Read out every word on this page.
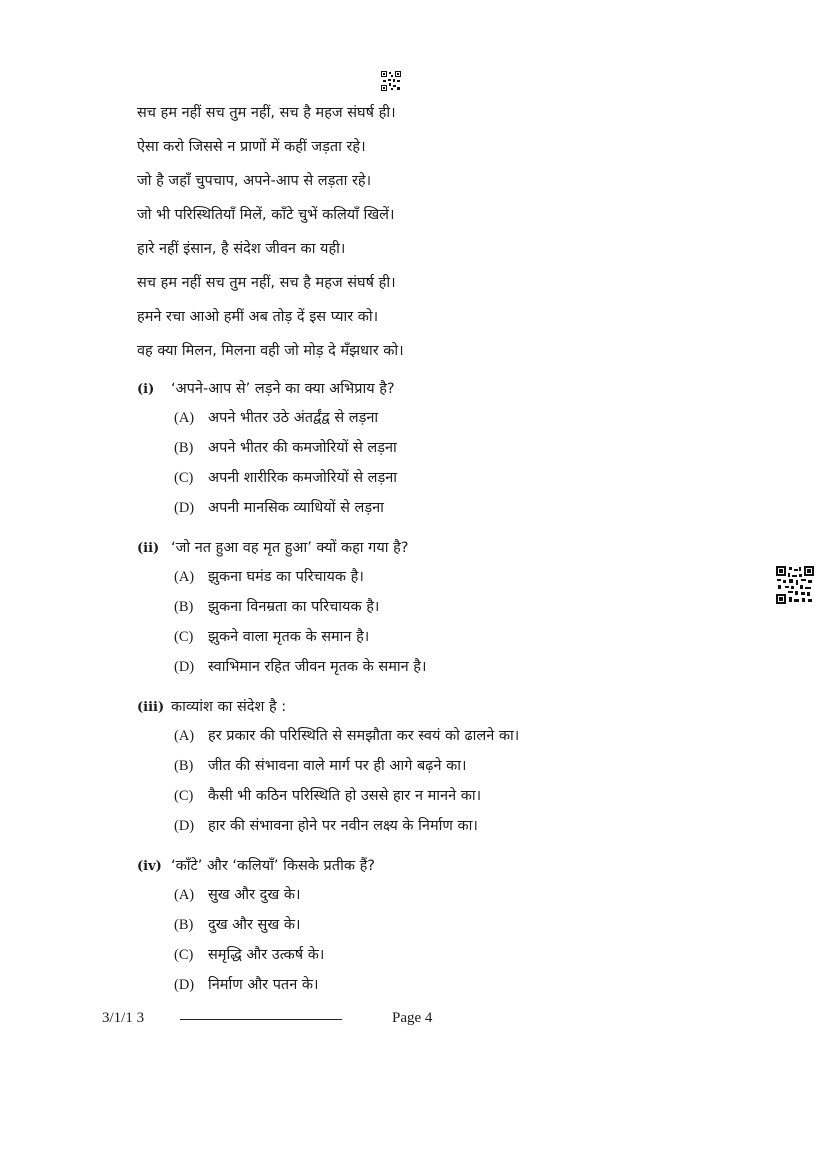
सच हम नहीं सच तुम नहीं, सच है महज संघर्ष ही।
ऐसा करो जिससे न प्राणों में कहीं जड़ता रहे।
जो है जहाँ चुपचाप, अपने-आप से लड़ता रहे।
जो भी परिस्थितियाँ मिलें, काँटे चुभें कलियाँ खिलें।
हारे नहीं इंसान, है संदेश जीवन का यही।
सच हम नहीं सच तुम नहीं, सच है महज संघर्ष ही।
हमने रचा आओ हमीं अब तोड़ दें इस प्यार को।
वह क्या मिलन, मिलना वही जो मोड़ दे मँझधार को।
(i) ‘अपने-आप से’ लड़ने का क्या अभिप्राय है?
(A) अपने भीतर उठे अंतर्द्वंद्व से लड़ना
(B) अपने भीतर की कमजोरियों से लड़ना
(C) अपनी शारीरिक कमजोरियों से लड़ना
(D) अपनी मानसिक व्याधियों से लड़ना
(ii) ‘जो नत हुआ वह मृत हुआ’ क्यों कहा गया है?
(A) झुकना घमंड का परिचायक है।
(B) झुकना विनम्रता का परिचायक है।
(C) झुकने वाला मृतक के समान है।
(D) स्वाभिमान रहित जीवन मृतक के समान है।
(iii) काव्यांश का संदेश है :
(A) हर प्रकार की परिस्थिति से समझौता कर स्वयं को ढालने का।
(B) जीत की संभावना वाले मार्ग पर ही आगे बढ़ने का।
(C) कैसी भी कठिन परिस्थिति हो उससे हार न मानने का।
(D) हार की संभावना होने पर नवीन लक्ष्य के निर्माण का।
(iv) ‘काँटे’ और ‘कलियाँ’ किसके प्रतीक हैं?
(A) सुख और दुख के।
(B) दुख और सुख के।
(C) समृद्धि और उत्कर्ष के।
(D) निर्माण और पतन के।
3/1/1 3	Page 4
